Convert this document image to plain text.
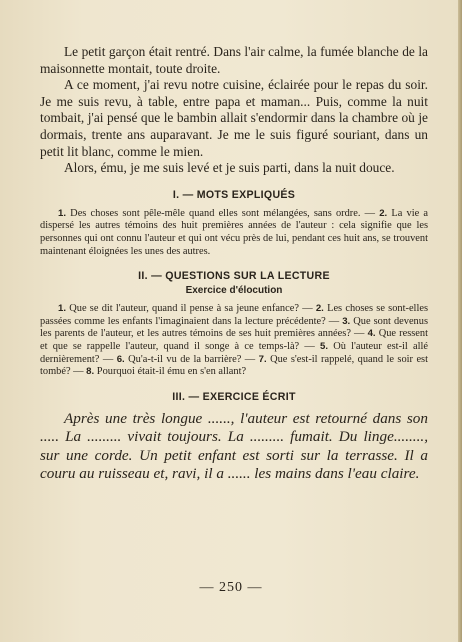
Le petit garçon était rentré. Dans l'air calme, la fumée blanche de la maisonnette montait, toute droite.

A ce moment, j'ai revu notre cuisine, éclairée pour le repas du soir. Je me suis revu, à table, entre papa et maman... Puis, comme la nuit tombait, j'ai pensé que le bambin allait s'endormir dans la chambre où je dormais, trente ans auparavant. Je me le suis figuré souriant, dans un petit lit blanc, comme le mien.

Alors, ému, je me suis levé et je suis parti, dans la nuit douce.

I. — MOTS EXPLIQUÉS

1. Des choses sont pêle-mêle quand elles sont mélangées, sans ordre. — 2. La vie a dispersé les autres témoins des huit premières années de l'auteur : cela signifie que les personnes qui ont connu l'auteur et qui ont vécu près de lui, pendant ces huit ans, se trouvent maintenant éloignées les unes des autres.

II. — QUESTIONS SUR LA LECTURE
Exercice d'élocution

1. Que se dit l'auteur, quand il pense à sa jeune enfance? — 2. Les choses se sont-elles passées comme les enfants l'imaginaient dans la lecture précédente? — 3. Que sont devenus les parents de l'auteur, et les autres témoins de ses huit premières années? — 4. Que ressent et que se rappelle l'auteur, quand il songe à ce temps-là? — 5. Où l'auteur est-il allé dernièrement? — 6. Qu'a-t-il vu de la barrière? — 7. Que s'est-il rappelé, quand le soir est tombé? — 8. Pourquoi était-il ému en s'en allant?

III. — EXERCICE ÉCRIT

Après une très longue ......, l'auteur est retourné dans son ..... La ......... vivait toujours. La ......... fumait. Du linge........, sur une corde. Un petit enfant est sorti sur la terrasse. Il a couru au ruisseau et, ravi, il a ...... les mains dans l'eau claire.

— 250 —
